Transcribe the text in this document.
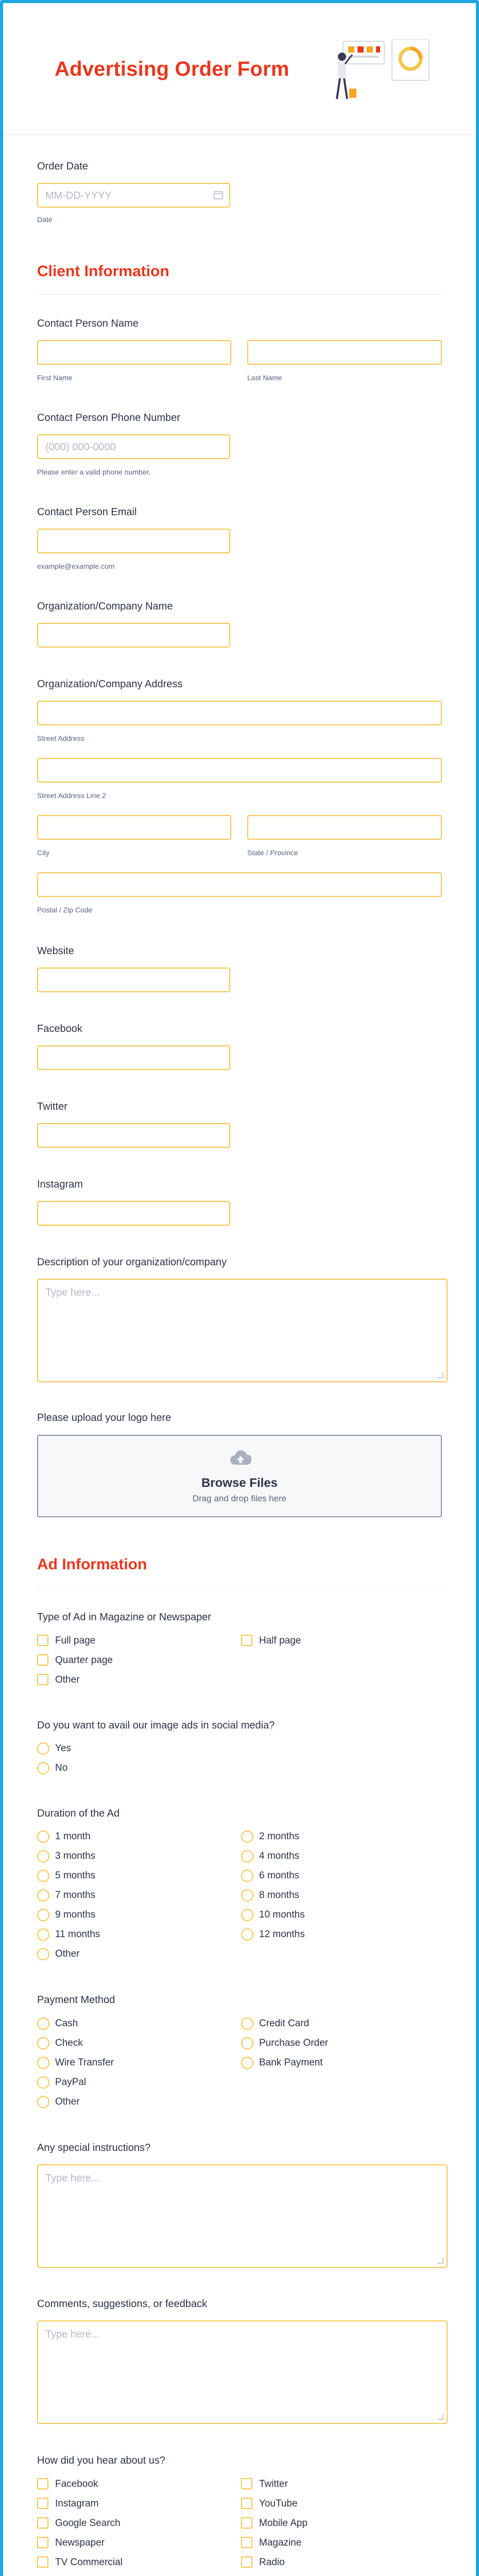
Advertising Order Form
Order Date
MM-DD-YYYY
Date
Client Information
Contact Person Name
First Name	Last Name
Contact Person Phone Number
(000) 000-0000
Please enter a valid phone number.
Contact Person Email
example@example.com
Organization/Company Name
Organization/Company Address
Street Address
Street Address Line 2
City	State / Province
Postal / Zip Code
Website
Facebook
Twitter
Instagram
Description of your organization/company
Type here...
Please upload your logo here
Browse Files
Drag and drop files here
Ad Information
Type of Ad in Magazine or Newspaper
Full page	Half page
Quarter page
Other
Do you want to avail our image ads in social media?
Yes
No
Duration of the Ad
1 month	2 months
3 months	4 months
5 months	6 months
7 months	8 months
9 months	10 months
11 months	12 months
Other
Payment Method
Cash	Credit Card
Check	Purchase Order
Wire Transfer	Bank Payment
PayPal
Other
Any special instructions?
Type here...
Comments, suggestions, or feedback
Type here...
How did you hear about us?
Facebook	Twitter
Instagram	YouTube
Google Search	Mobile App
Newspaper	Magazine
TV Commercial	Radio
